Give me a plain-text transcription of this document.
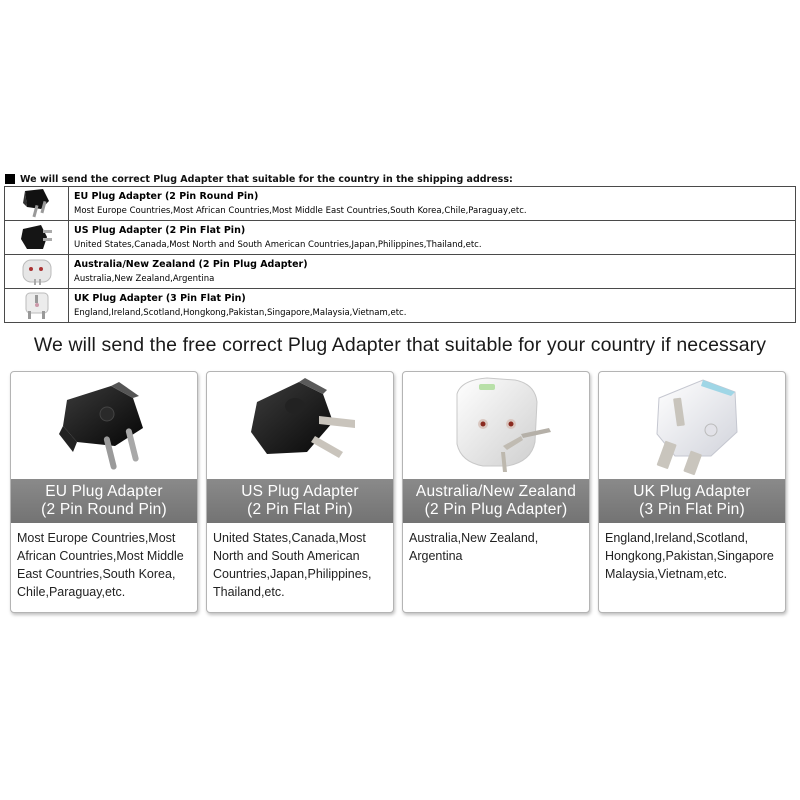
We will send the correct Plug Adapter that suitable for the country in the shipping address:

EU Plug Adapter (2 Pin Round Pin)
Most Europe Countries,Most African Countries,Most Middle East Countries,South Korea,Chile,Paraguay,etc.

US Plug Adapter (2 Pin Flat Pin)
United States,Canada,Most North and South American Countries,Japan,Philippines,Thailand,etc.

Australia/New Zealand (2 Pin Plug Adapter)
Australia,New Zealand,Argentina

UK Plug Adapter (3 Pin Flat Pin)
England,Ireland,Scotland,Hongkong,Pakistan,Singapore,Malaysia,Vietnam,etc.
We will send the free correct Plug Adapter that suitable for your country if necessary
EU Plug Adapter
(2 Pin Round Pin)
Most Europe Countries,Most African Countries,Most Middle East Countries,South Korea, Chile,Paraguay,etc.
US Plug Adapter
(2 Pin Flat Pin)
United States,Canada,Most North and South American Countries,Japan,Philippines, Thailand,etc.
Australia/New Zealand
(2 Pin Plug Adapter)
Australia,New Zealand, Argentina
UK Plug Adapter
(3 Pin Flat Pin)
England,Ireland,Scotland, Hongkong,Pakistan,Singapore Malaysia,Vietnam,etc.
